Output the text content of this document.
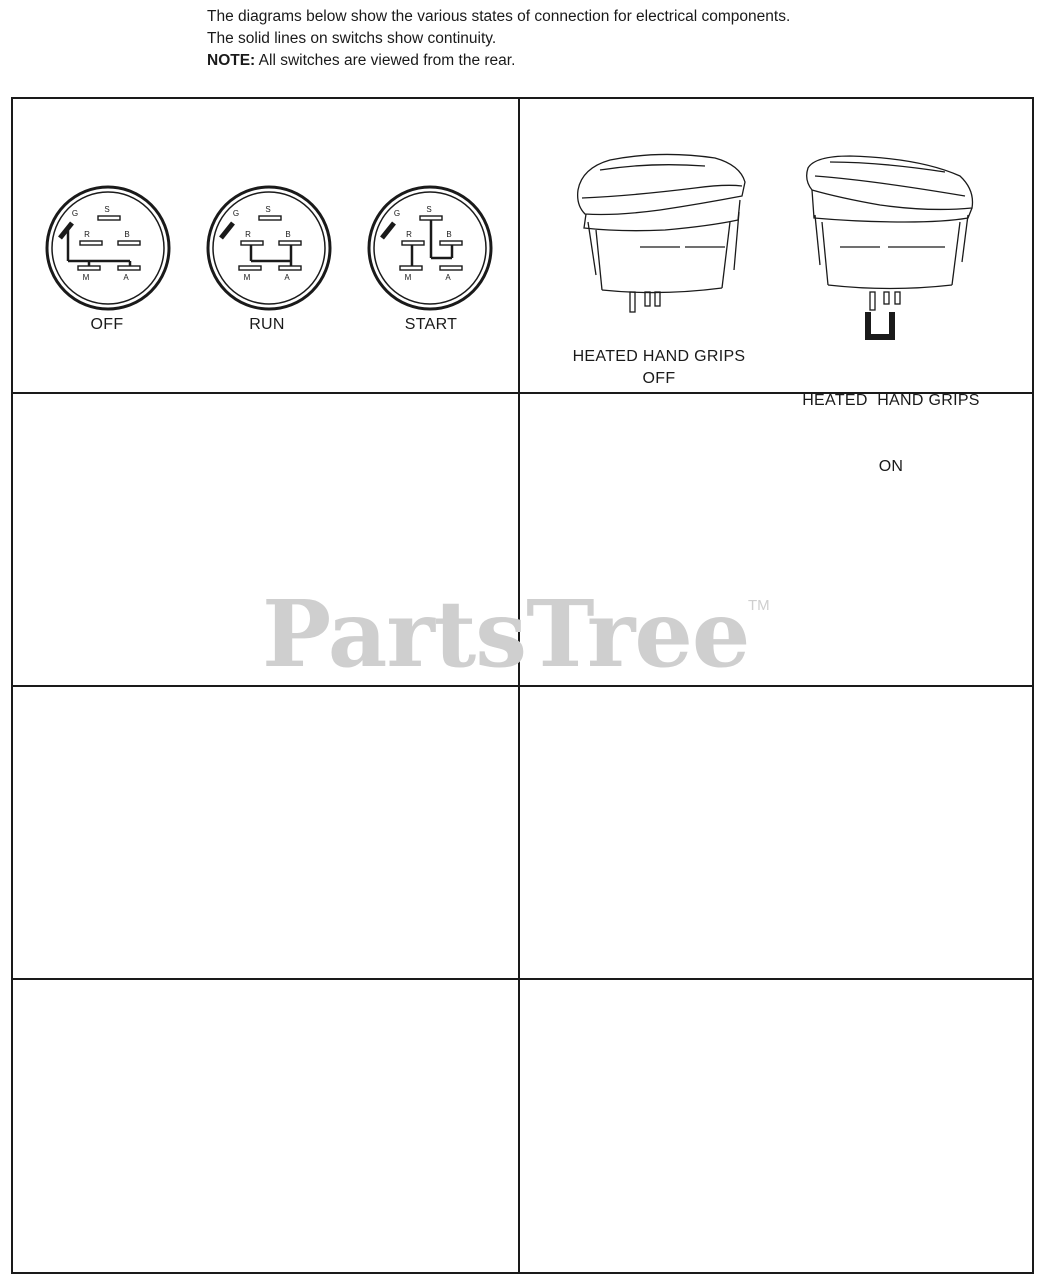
The diagrams below show the various states of connection for electrical components.
The solid lines on switchs show continuity.
NOTE: All switches are viewed from the rear.
G	S
R	B
M	A
G	S
R	B
M	A
G	S
R	B
M	A
OFF	RUN	START
HEATED HAND GRIPS
OFF

HEATED  HAND GRIPS

ON

PartsTree
TM
